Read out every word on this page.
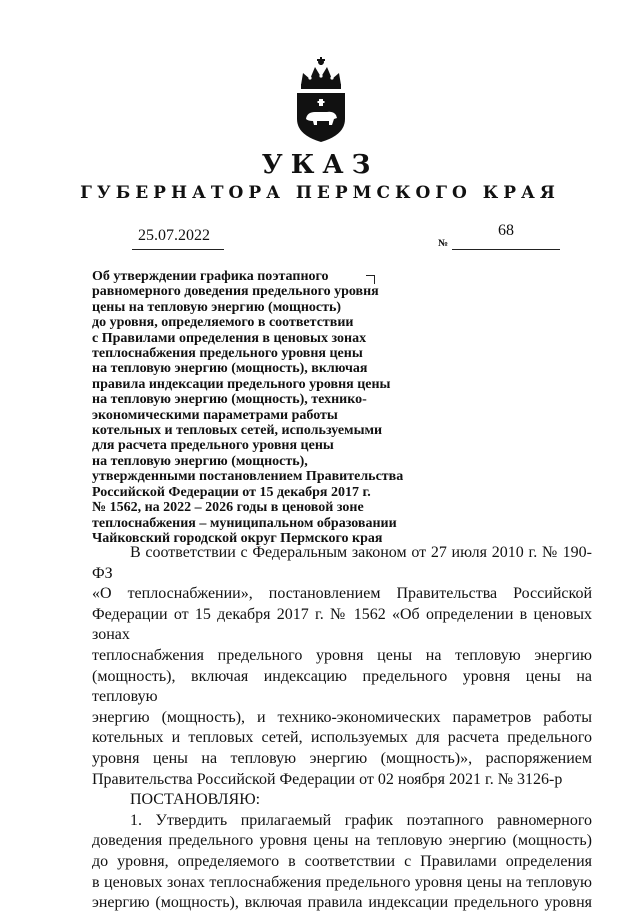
УКАЗ
ГУБЕРНАТОРА ПЕРМСКОГО КРАЯ
25.07.2022	68
№
Об утверждении графика поэтапного
равномерного доведения предельного уровня
цены на тепловую энергию (мощность)
до уровня, определяемого в соответствии
с Правилами определения в ценовых зонах
теплоснабжения предельного уровня цены
на тепловую энергию (мощность), включая
правила индексации предельного уровня цены
на тепловую энергию (мощность), технико-
экономическими параметрами работы
котельных и тепловых сетей, используемыми
для расчета предельного уровня цены
на тепловую энергию (мощность),
утвержденными постановлением Правительства
Российской Федерации от 15 декабря 2017 г.
№ 1562, на 2022 – 2026 годы в ценовой зоне
теплоснабжения – муниципальном образовании
Чайковский городской округ Пермского края

В соответствии с Федеральным законом от 27 июля 2010 г. № 190-ФЗ

«О теплоснабжении», постановлением Правительства Российской

Федерации от 15 декабря 2017 г. № 1562 «Об определении в ценовых зонах

теплоснабжения предельного уровня цены на тепловую энергию

(мощность), включая индексацию предельного уровня цены на тепловую

энергию (мощность), и технико-экономических параметров работы

котельных и тепловых сетей, используемых для расчета предельного

уровня цены на тепловую энергию (мощность)», распоряжением

Правительства Российской Федерации от 02 ноября 2021 г. № 3126-р

ПОСТАНОВЛЯЮ:

1. Утвердить прилагаемый график поэтапного равномерного

доведения предельного уровня цены на тепловую энергию (мощность)

до уровня, определяемого в соответствии с Правилами определения

в ценовых зонах теплоснабжения предельного уровня цены на тепловую

энергию (мощность), включая правила индексации предельного уровня
